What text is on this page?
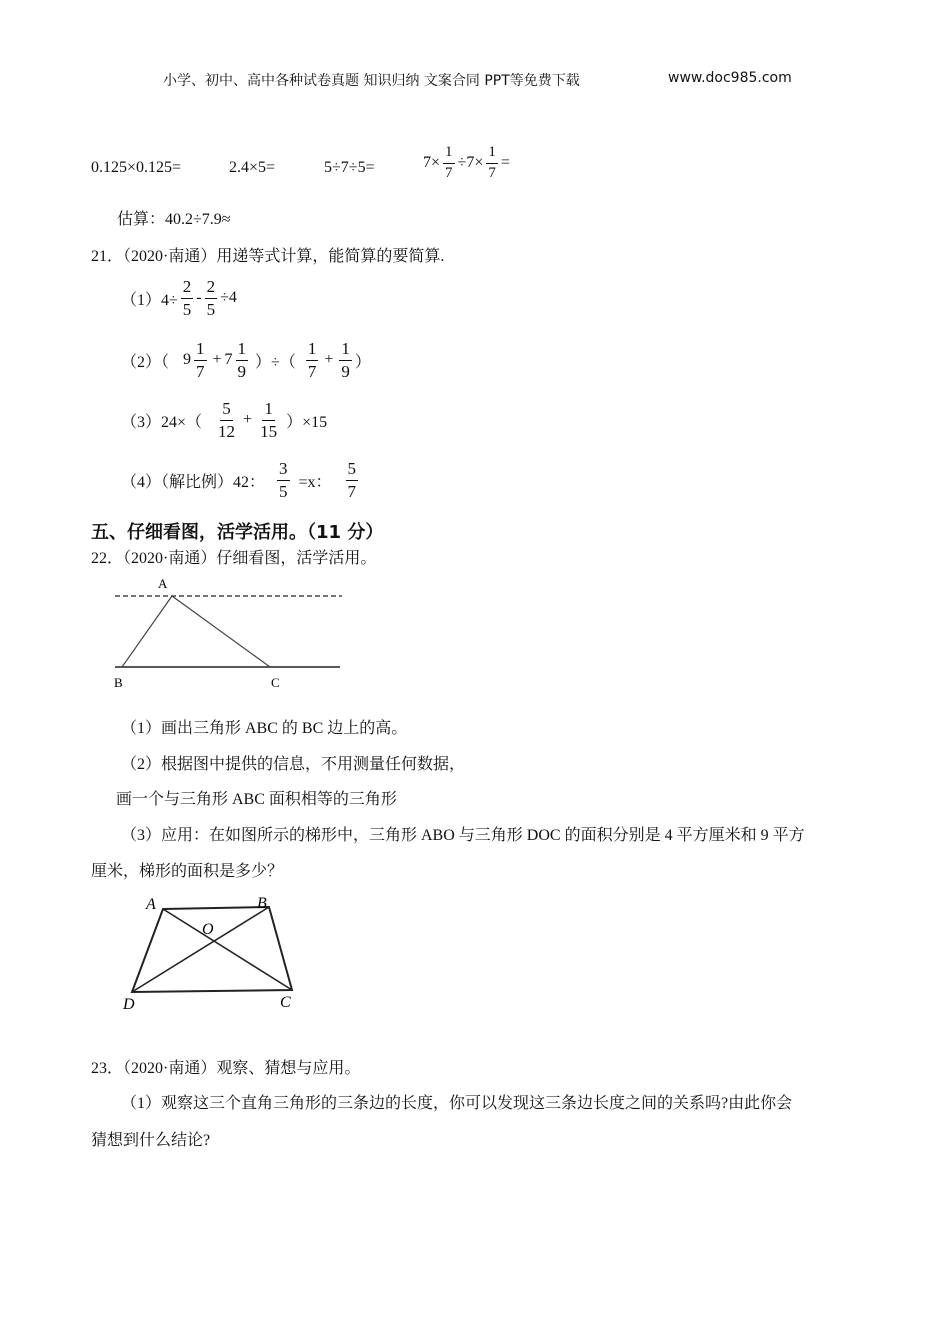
小学、初中、高中各种试卷真题 知识归纳 文案合同 PPT等免费下载	www.doc985.com
0.125×0.125=	2.4×5=	5÷7÷5=	$7\times \frac{1}{7} \div 7\times \frac{1}{7}$ =
估算：40.2÷7.9≈
21．（2020·南通）用递等式计算，能简算的要简算.
$(1)4\div \frac{2}{5} - \frac{2}{5} \div 4$
（2）（ $9 \frac{1}{7} + 7 \frac{1}{9}$ ）÷（ $\frac{1}{7} + \frac{1}{9}$ ）
$(3)24\times( \frac{5}{12} + \frac{1}{15} )\times 15$
（4）（解比例）42： $\frac{3}{5} =x$： $\frac{5}{7}$
五、仔细看图，活学活用。（11 分）
22．（2020·南通）仔细看图，活学活用。
A
B	C
（1）画出三角形 ABC 的 BC 边上的高。
（2）根据图中提供的信息，不用测量任何数据，
画一个与三角形 ABC 面积相等的三角形
（3）应用：在如图所示的梯形中，三角形 ABO 与三角形 DOC 的面积分别是 4 平方厘米和 9 平方
厘米，梯形的面积是多少？
A	B
O
D	C
23．（2020·南通）观察、猜想与应用。
（1）观察这三个直角三角形的三条边的长度，你可以发现这三条边长度之间的关系吗?由此你会
猜想到什么结论?
